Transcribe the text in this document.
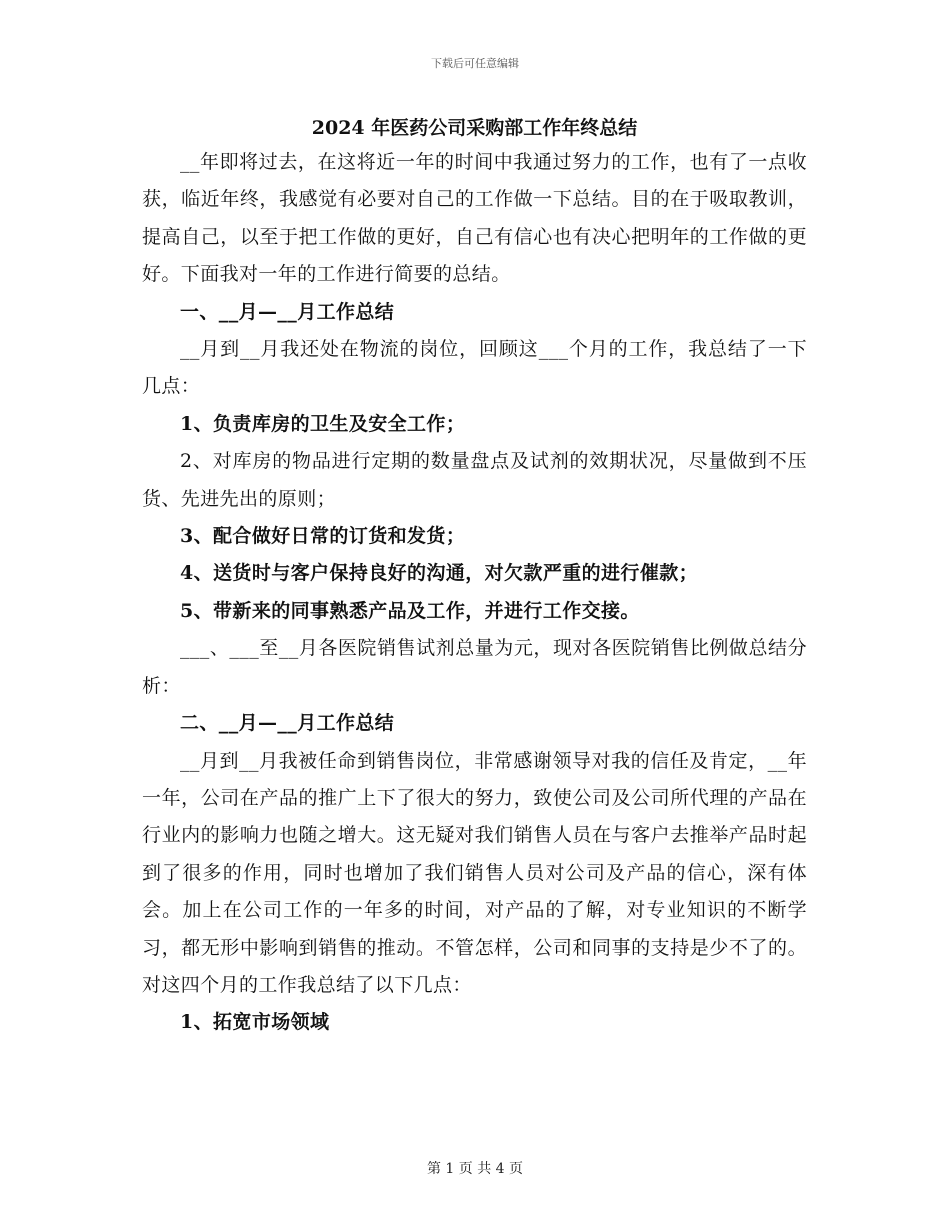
下载后可任意编辑

2024 年医药公司采购部工作年终总结

__年即将过去，在这将近一年的时间中我通过努力的工作，也有了一点收获，临近年终，我感觉有必要对自己的工作做一下总结。目的在于吸取教训，提高自己，以至于把工作做的更好，自己有信心也有决心把明年的工作做的更好。下面我对一年的工作进行简要的总结。

一、__月—__月工作总结

__月到__月我还处在物流的岗位，回顾这___个月的工作，我总结了一下几点：

1、负责库房的卫生及安全工作；

2、对库房的物品进行定期的数量盘点及试剂的效期状况，尽量做到不压货、先进先出的原则；

3、配合做好日常的订货和发货；

4、送货时与客户保持良好的沟通，对欠款严重的进行催款；

5、带新来的同事熟悉产品及工作，并进行工作交接。

___、___至__月各医院销售试剂总量为元，现对各医院销售比例做总结分析：

二、__月—__月工作总结

__月到__月我被任命到销售岗位，非常感谢领导对我的信任及肯定，__年一年，公司在产品的推广上下了很大的努力，致使公司及公司所代理的产品在行业内的影响力也随之增大。这无疑对我们销售人员在与客户去推举产品时起到了很多的作用，同时也增加了我们销售人员对公司及产品的信心，深有体会。加上在公司工作的一年多的时间，对产品的了解，对专业知识的不断学习，都无形中影响到销售的推动。不管怎样，公司和同事的支持是少不了的。对这四个月的工作我总结了以下几点：

1、拓宽市场领域

第 1 页 共 4 页
